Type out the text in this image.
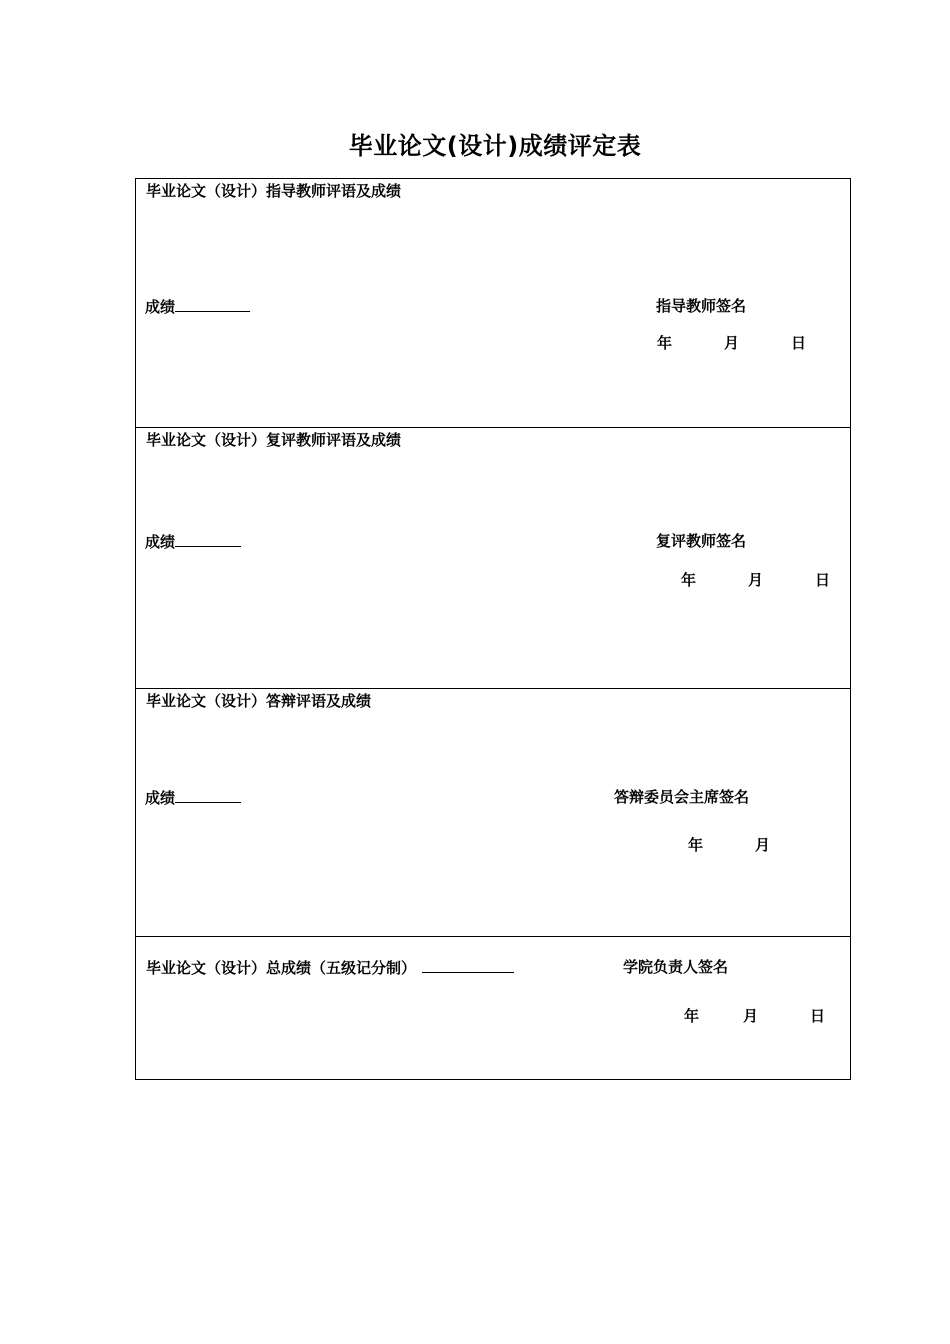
毕业论文(设计)成绩评定表
毕业论文（设计）指导教师评语及成绩
成绩	指导教师签名
年	月	日
毕业论文（设计）复评教师评语及成绩
成绩	复评教师签名
年	月	日
毕业论文（设计）答辩评语及成绩
成绩	答辩委员会主席签名
年	月
毕业论文（设计）总成绩（五级记分制）	学院负责人签名
年	月	日
